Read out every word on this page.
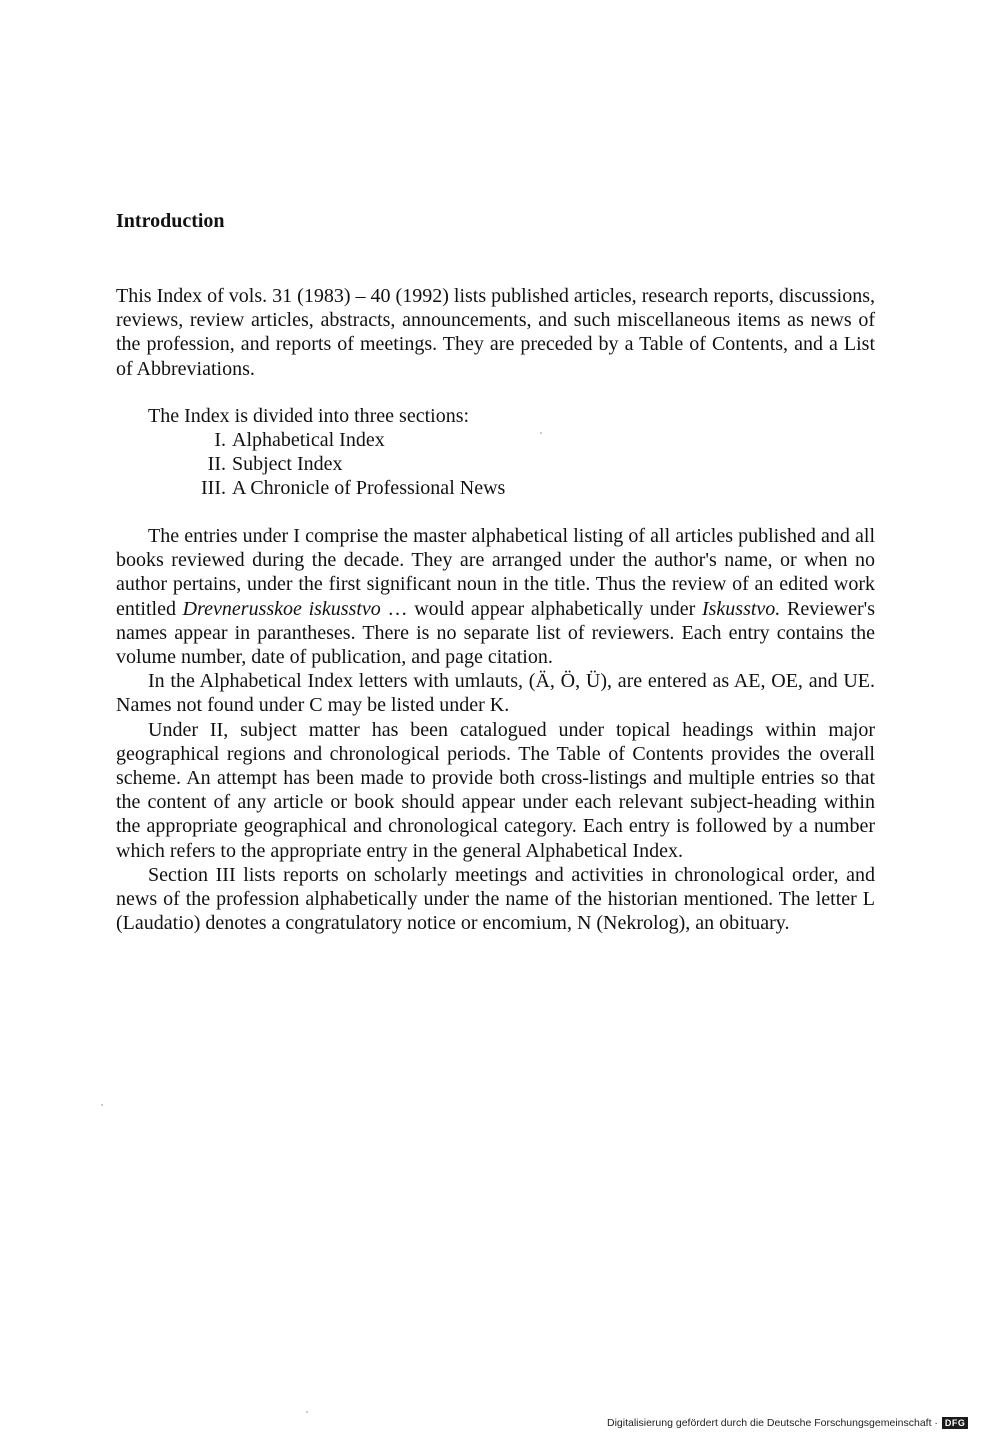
Introduction

This Index of vols. 31 (1983) – 40 (1992) lists published articles, research reports, discussions, reviews, review articles, abstracts, announcements, and such miscellaneous items as news of the profession, and reports of meetings. They are preceded by a Table of Contents, and a List of Abbreviations.

The Index is divided into three sections:

I. Alphabetical Index
II. Subject Index
III. A Chronicle of Professional News

The entries under I comprise the master alphabetical listing of all articles published and all books reviewed during the decade. They are arranged under the author's name, or when no author pertains, under the first significant noun in the title. Thus the review of an edited work entitled Drevnerusskoe iskusstvo … would appear alphabetically under Iskusstvo. Reviewer's names appear in parantheses. There is no separate list of reviewers. Each entry contains the volume number, date of publication, and page citation.

In the Alphabetical Index letters with umlauts, (Ä, Ö, Ü), are entered as AE, OE, and UE. Names not found under C may be listed under K.

Under II, subject matter has been catalogued under topical headings within major geographical regions and chronological periods. The Table of Contents provides the overall scheme. An attempt has been made to provide both cross-listings and multiple entries so that the content of any article or book should appear under each relevant subject-heading within the appropriate geographical and chronological category. Each entry is followed by a number which refers to the appropriate entry in the general Alphabetical Index.

Section III lists reports on scholarly meetings and activities in chronological order, and news of the profession alphabetically under the name of the historian mentioned. The letter L (Laudatio) denotes a congratulatory notice or encomium, N (Nekrolog), an obituary.

Digitalisierung gefördert durch die Deutsche Forschungsgemeinschaft · DFG
